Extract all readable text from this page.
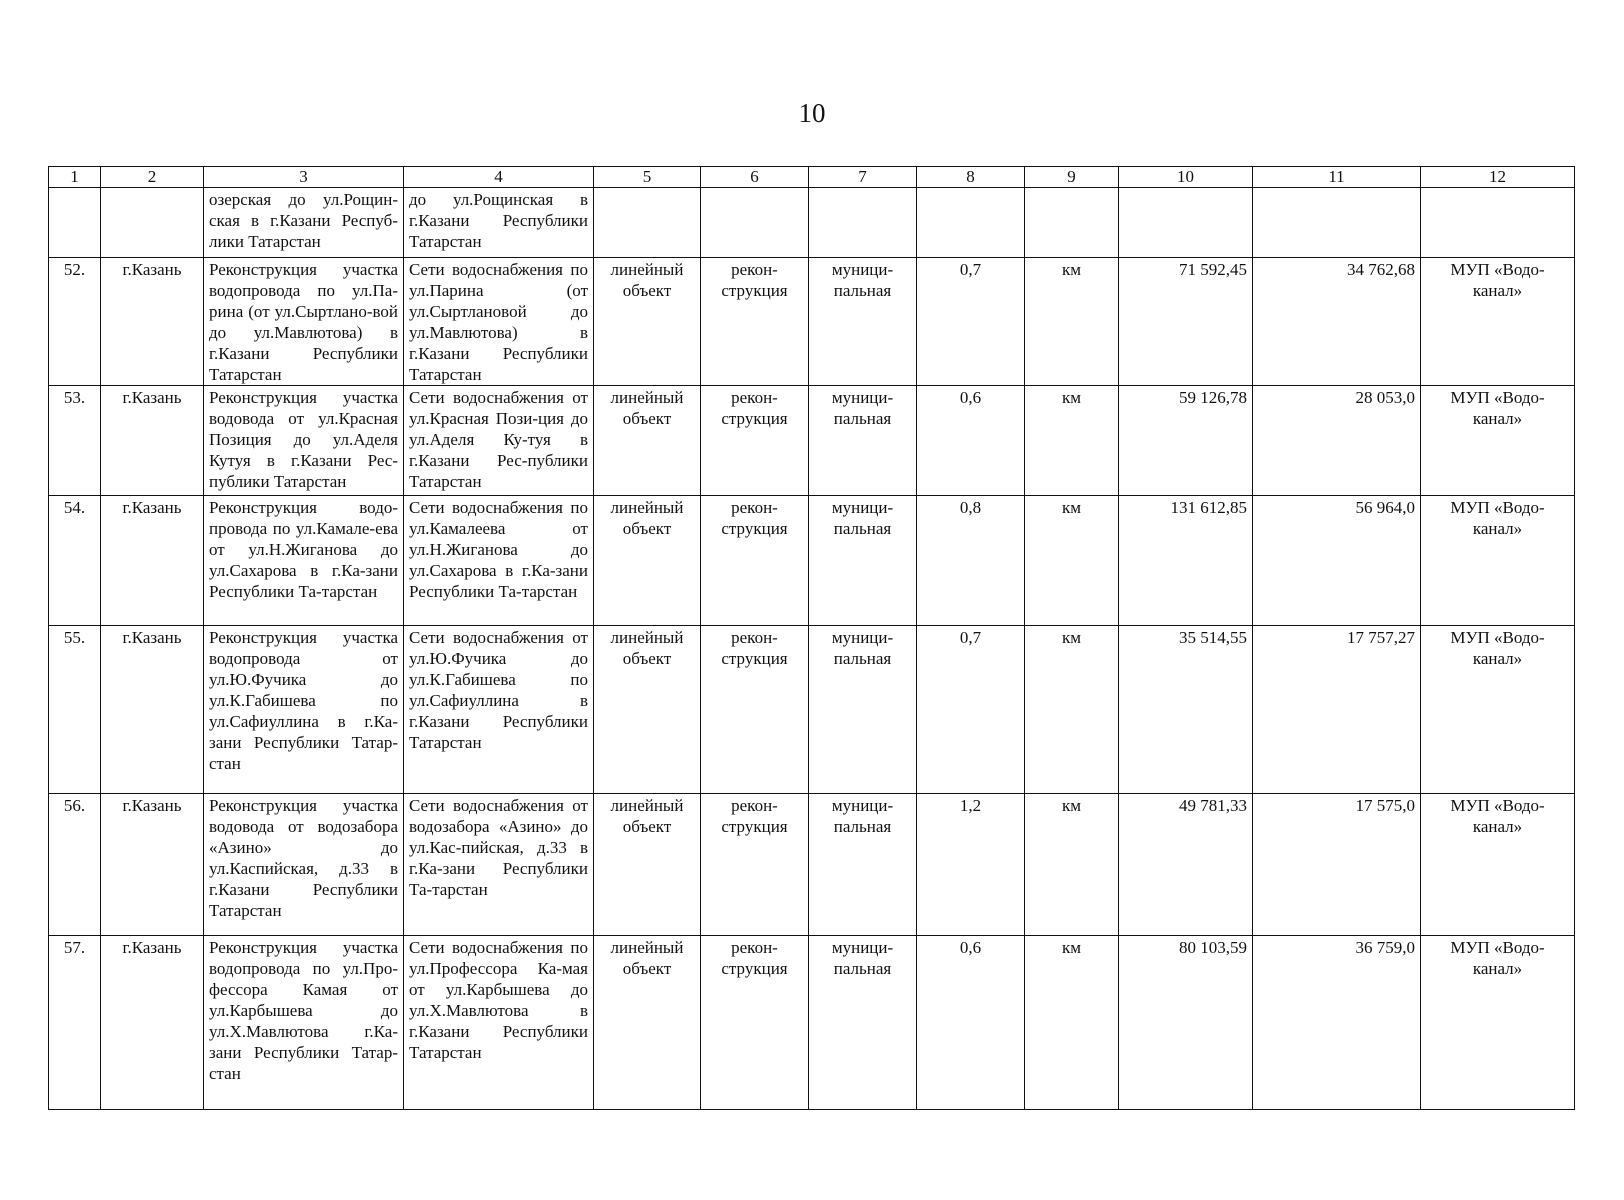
10
1	2	3	4	5	6	7	8	9	10	11	12
		озерская до ул.Рощин-ская в г.Казани Респуб-лики Татарстан	до ул.Рощинская в г.Казани Республики Татарстан								
52.	г.Казань	Реконструкция участка водопровода по ул.Па-рина (от ул.Сыртлано-вой до ул.Мавлютова) в г.Казани Республики Татарстан	Сети водоснабжения по ул.Парина (от ул.Сыртлановой до ул.Мавлютова) в г.Казани Республики Татарстан	линейный объект	рекон-струкция	муници-пальная	0,7	км	71 592,45	34 762,68	МУП «Водо-канал»
53.	г.Казань	Реконструкция участка водовода от ул.Красная Позиция до ул.Аделя Кутуя в г.Казани Рес-публики Татарстан	Сети водоснабжения от ул.Красная Пози-ция до ул.Аделя Ку-туя в г.Казани Рес-публики Татарстан	линейный объект	рекон-струкция	муници-пальная	0,6	км	59 126,78	28 053,0	МУП «Водо-канал»
54.	г.Казань	Реконструкция водо-провода по ул.Камале-ева от ул.Н.Жиганова до ул.Сахарова в г.Ка-зани Республики Та-тарстан	Сети водоснабжения по ул.Камалеева от ул.Н.Жиганова до ул.Сахарова в г.Ка-зани Республики Та-тарстан	линейный объект	рекон-струкция	муници-пальная	0,8	км	131 612,85	56 964,0	МУП «Водо-канал»
55.	г.Казань	Реконструкция участка водопровода от ул.Ю.Фучика до ул.К.Габишева по ул.Сафиуллина в г.Ка-зани Республики Татар-стан	Сети водоснабжения от ул.Ю.Фучика до ул.К.Габишева по ул.Сафиуллина в г.Казани Республики Татарстан	линейный объект	рекон-струкция	муници-пальная	0,7	км	35 514,55	17 757,27	МУП «Водо-канал»
56.	г.Казань	Реконструкция участка водовода от водозабора «Азино» до ул.Каспийская, д.33 в г.Казани Республики Татарстан	Сети водоснабжения от водозабора «Азино» до ул.Кас-пийская, д.33 в г.Ка-зани Республики Та-тарстан	линейный объект	рекон-струкция	муници-пальная	1,2	км	49 781,33	17 575,0	МУП «Водо-канал»
57.	г.Казань	Реконструкция участка водопровода по ул.Про-фессора Камая от ул.Карбышева до ул.Х.Мавлютова г.Ка-зани Республики Татар-стан	Сети водоснабжения по ул.Профессора Ка-мая от ул.Карбышева до ул.Х.Мавлютова в г.Казани Республики Татарстан	линейный объект	рекон-струкция	муници-пальная	0,6	км	80 103,59	36 759,0	МУП «Водо-канал»
